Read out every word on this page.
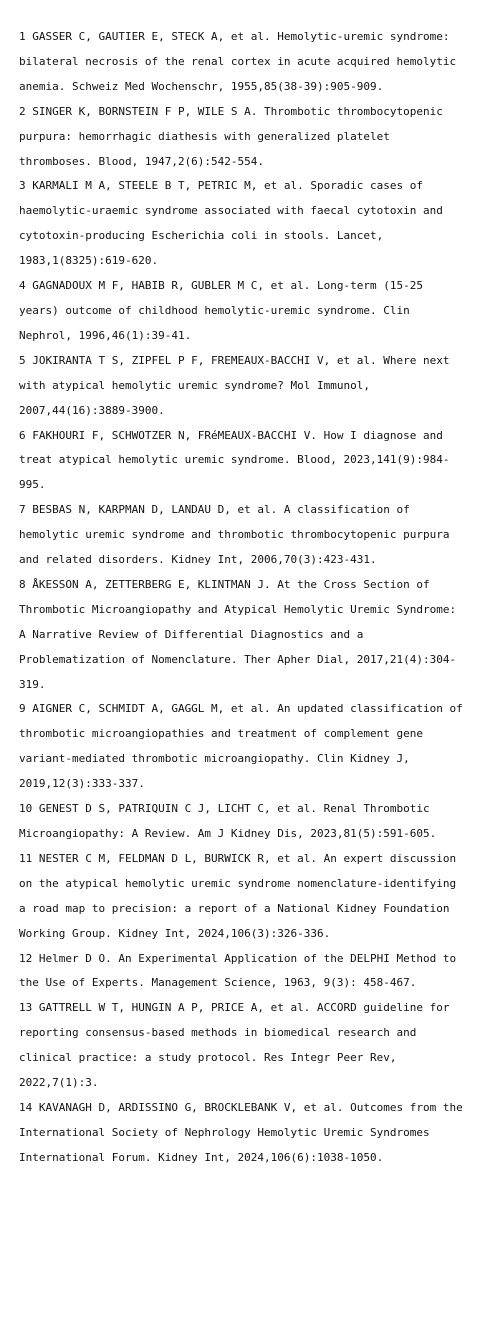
1 GASSER C, GAUTIER E, STECK A, et al. Hemolytic-uremic syndrome: bilateral necrosis of the renal cortex in acute acquired hemolytic anemia. Schweiz Med Wochenschr, 1955,85(38-39):905-909.
2 SINGER K, BORNSTEIN F P, WILE S A. Thrombotic thrombocytopenic purpura: hemorrhagic diathesis with generalized platelet thromboses. Blood, 1947,2(6):542-554.
3 KARMALI M A, STEELE B T, PETRIC M, et al. Sporadic cases of haemolytic-uraemic syndrome associated with faecal cytotoxin and cytotoxin-producing Escherichia coli in stools. Lancet, 1983,1(8325):619-620.
4 GAGNADOUX M F, HABIB R, GUBLER M C, et al. Long-term (15-25 years) outcome of childhood hemolytic-uremic syndrome. Clin Nephrol, 1996,46(1):39-41.
5 JOKIRANTA T S, ZIPFEL P F, FREMEAUX-BACCHI V, et al. Where next with atypical hemolytic uremic syndrome? Mol Immunol, 2007,44(16):3889-3900.
6 FAKHOURI F, SCHWOTZER N, FRéMEAUX-BACCHI V. How I diagnose and treat atypical hemolytic uremic syndrome. Blood, 2023,141(9):984-995.
7 BESBAS N, KARPMAN D, LANDAU D, et al. A classification of hemolytic uremic syndrome and thrombotic thrombocytopenic purpura and related disorders. Kidney Int, 2006,70(3):423-431.
8 ÅKESSON A, ZETTERBERG E, KLINTMAN J. At the Cross Section of Thrombotic Microangiopathy and Atypical Hemolytic Uremic Syndrome: A Narrative Review of Differential Diagnostics and a Problematization of Nomenclature. Ther Apher Dial, 2017,21(4):304-319.
9 AIGNER C, SCHMIDT A, GAGGL M, et al. An updated classification of thrombotic microangiopathies and treatment of complement gene variant-mediated thrombotic microangiopathy. Clin Kidney J, 2019,12(3):333-337.
10 GENEST D S, PATRIQUIN C J, LICHT C, et al. Renal Thrombotic Microangiopathy: A Review. Am J Kidney Dis, 2023,81(5):591-605.
11 NESTER C M, FELDMAN D L, BURWICK R, et al. An expert discussion on the atypical hemolytic uremic syndrome nomenclature-identifying a road map to precision: a report of a National Kidney Foundation Working Group. Kidney Int, 2024,106(3):326-336.
12 Helmer D O. An Experimental Application of the DELPHI Method to the Use of Experts. Management Science, 1963, 9(3): 458-467.
13 GATTRELL W T, HUNGIN A P, PRICE A, et al. ACCORD guideline for reporting consensus-based methods in biomedical research and clinical practice: a study protocol. Res Integr Peer Rev, 2022,7(1):3.
14 KAVANAGH D, ARDISSINO G, BROCKLEBANK V, et al. Outcomes from the International Society of Nephrology Hemolytic Uremic Syndromes International Forum. Kidney Int, 2024,106(6):1038-1050.
